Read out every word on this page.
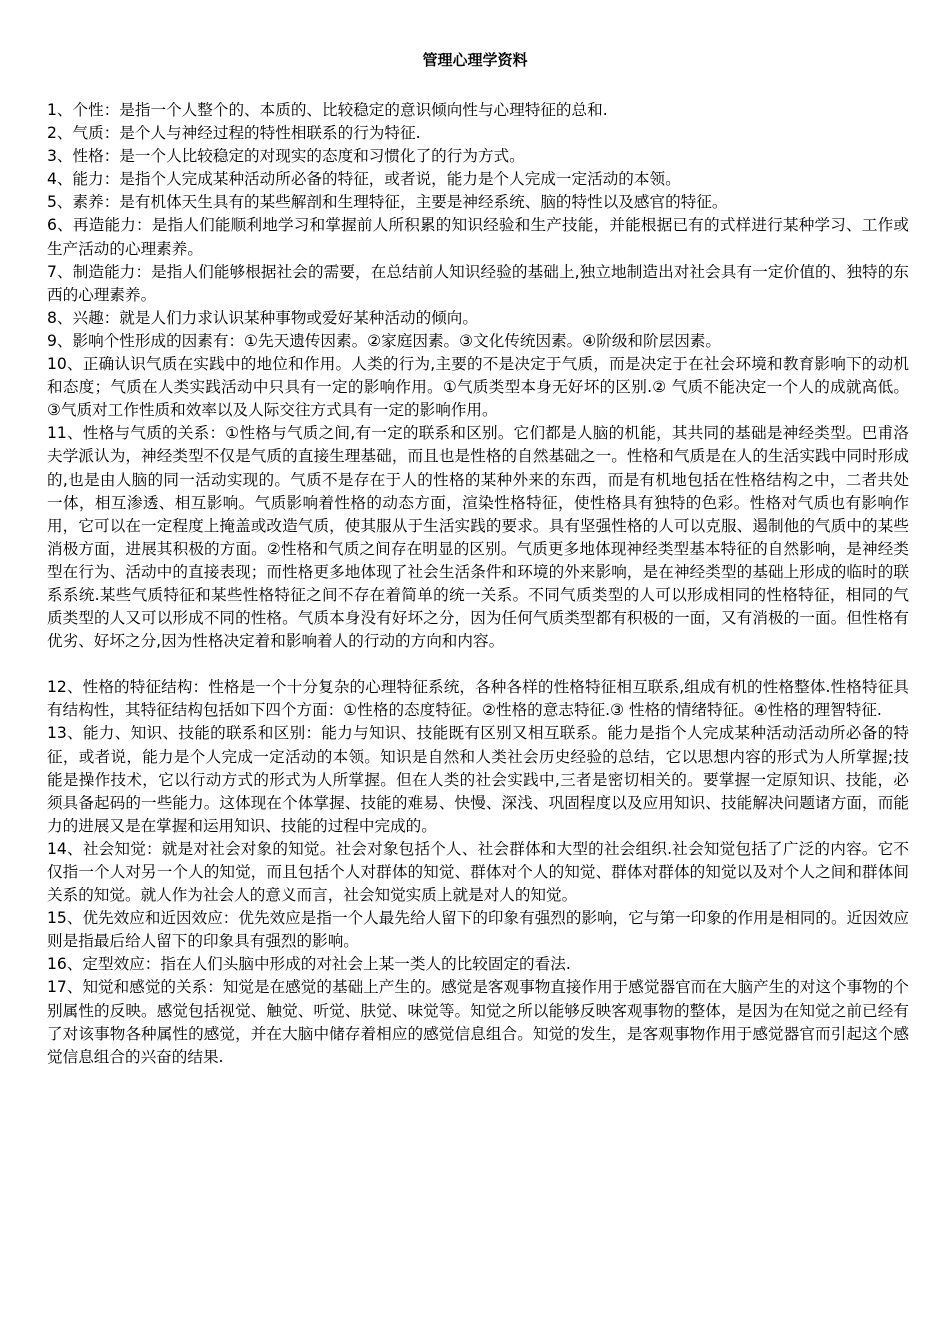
管理心理学资料

1、个性：是指一个人整个的、本质的、比较稳定的意识倾向性与心理特征的总和.

2、气质：是个人与神经过程的特性相联系的行为特征.

3、性格：是一个人比较稳定的对现实的态度和习惯化了的行为方式。

4、能力：是指个人完成某种活动所必备的特征，或者说，能力是个人完成一定活动的本领。

5、素养：是有机体天生具有的某些解剖和生理特征，主要是神经系统、脑的特性以及感官的特征。

6、再造能力：是指人们能顺利地学习和掌握前人所积累的知识经验和生产技能，并能根据已有的式样进行某种学习、工作或生产活动的心理素养。

7、制造能力：是指人们能够根据社会的需要，在总结前人知识经验的基础上,独立地制造出对社会具有一定价值的、独特的东西的心理素养。

8、兴趣：就是人们力求认识某种事物或爱好某种活动的倾向。

9、影响个性形成的因素有：①先天遗传因素。②家庭因素。③文化传统因素。④阶级和阶层因素。

10、正确认识气质在实践中的地位和作用。人类的行为,主要的不是决定于气质，而是决定于在社会环境和教育影响下的动机和态度；气质在人类实践活动中只具有一定的影响作用。①气质类型本身无好坏的区别.② 气质不能决定一个人的成就高低。③气质对工作性质和效率以及人际交往方式具有一定的影响作用。

11、性格与气质的关系：①性格与气质之间,有一定的联系和区别。它们都是人脑的机能，其共同的基础是神经类型。巴甫洛夫学派认为，神经类型不仅是气质的直接生理基础，而且也是性格的自然基础之一。性格和气质是在人的生活实践中同时形成的,也是由人脑的同一活动实现的。气质不是存在于人的性格的某种外来的东西，而是有机地包括在性格结构之中，二者共处一体，相互渗透、相互影响。气质影响着性格的动态方面，渲染性格特征，使性格具有独特的色彩。性格对气质也有影响作用，它可以在一定程度上掩盖或改造气质，使其服从于生活实践的要求。具有坚强性格的人可以克服、遏制他的气质中的某些消极方面，进展其积极的方面。②性格和气质之间存在明显的区别。气质更多地体现神经类型基本特征的自然影响，是神经类型在行为、活动中的直接表现；而性格更多地体现了社会生活条件和环境的外来影响，是在神经类型的基础上形成的临时的联系系统.某些气质特征和某些性格特征之间不存在着简单的统一关系。不同气质类型的人可以形成相同的性格特征，相同的气质类型的人又可以形成不同的性格。气质本身没有好坏之分，因为任何气质类型都有积极的一面，又有消极的一面。但性格有优劣、好坏之分,因为性格决定着和影响着人的行动的方向和内容。

12、性格的特征结构：性格是一个十分复杂的心理特征系统，各种各样的性格特征相互联系,组成有机的性格整体.性格特征具有结构性，其特征结构包括如下四个方面：①性格的态度特征。②性格的意志特征.③ 性格的情绪特征。④性格的理智特征.

13、能力、知识、技能的联系和区别：能力与知识、技能既有区别又相互联系。能力是指个人完成某种活动活动所必备的特征，或者说，能力是个人完成一定活动的本领。知识是自然和人类社会历史经验的总结，它以思想内容的形式为人所掌握;技能是操作技术，它以行动方式的形式为人所掌握。但在人类的社会实践中,三者是密切相关的。要掌握一定原知识、技能，必须具备起码的一些能力。这体现在个体掌握、技能的难易、快慢、深浅、巩固程度以及应用知识、技能解决问题诸方面，而能力的进展又是在掌握和运用知识、技能的过程中完成的。

14、社会知觉：就是对社会对象的知觉。社会对象包括个人、社会群体和大型的社会组织.社会知觉包括了广泛的内容。它不仅指一个人对另一个人的知觉，而且包括个人对群体的知觉、群体对个人的知觉、群体对群体的知觉以及对个人之间和群体间关系的知觉。就人作为社会人的意义而言，社会知觉实质上就是对人的知觉。

15、优先效应和近因效应：优先效应是指一个人最先给人留下的印象有强烈的影响，它与第一印象的作用是相同的。近因效应则是指最后给人留下的印象具有强烈的影响。

16、定型效应：指在人们头脑中形成的对社会上某一类人的比较固定的看法.

17、知觉和感觉的关系：知觉是在感觉的基础上产生的。感觉是客观事物直接作用于感觉器官而在大脑产生的对这个事物的个别属性的反映。感觉包括视觉、触觉、听觉、肤觉、味觉等。知觉之所以能够反映客观事物的整体，是因为在知觉之前已经有了对该事物各种属性的感觉，并在大脑中储存着相应的感觉信息组合。知觉的发生，是客观事物作用于感觉器官而引起这个感觉信息组合的兴奋的结果.
